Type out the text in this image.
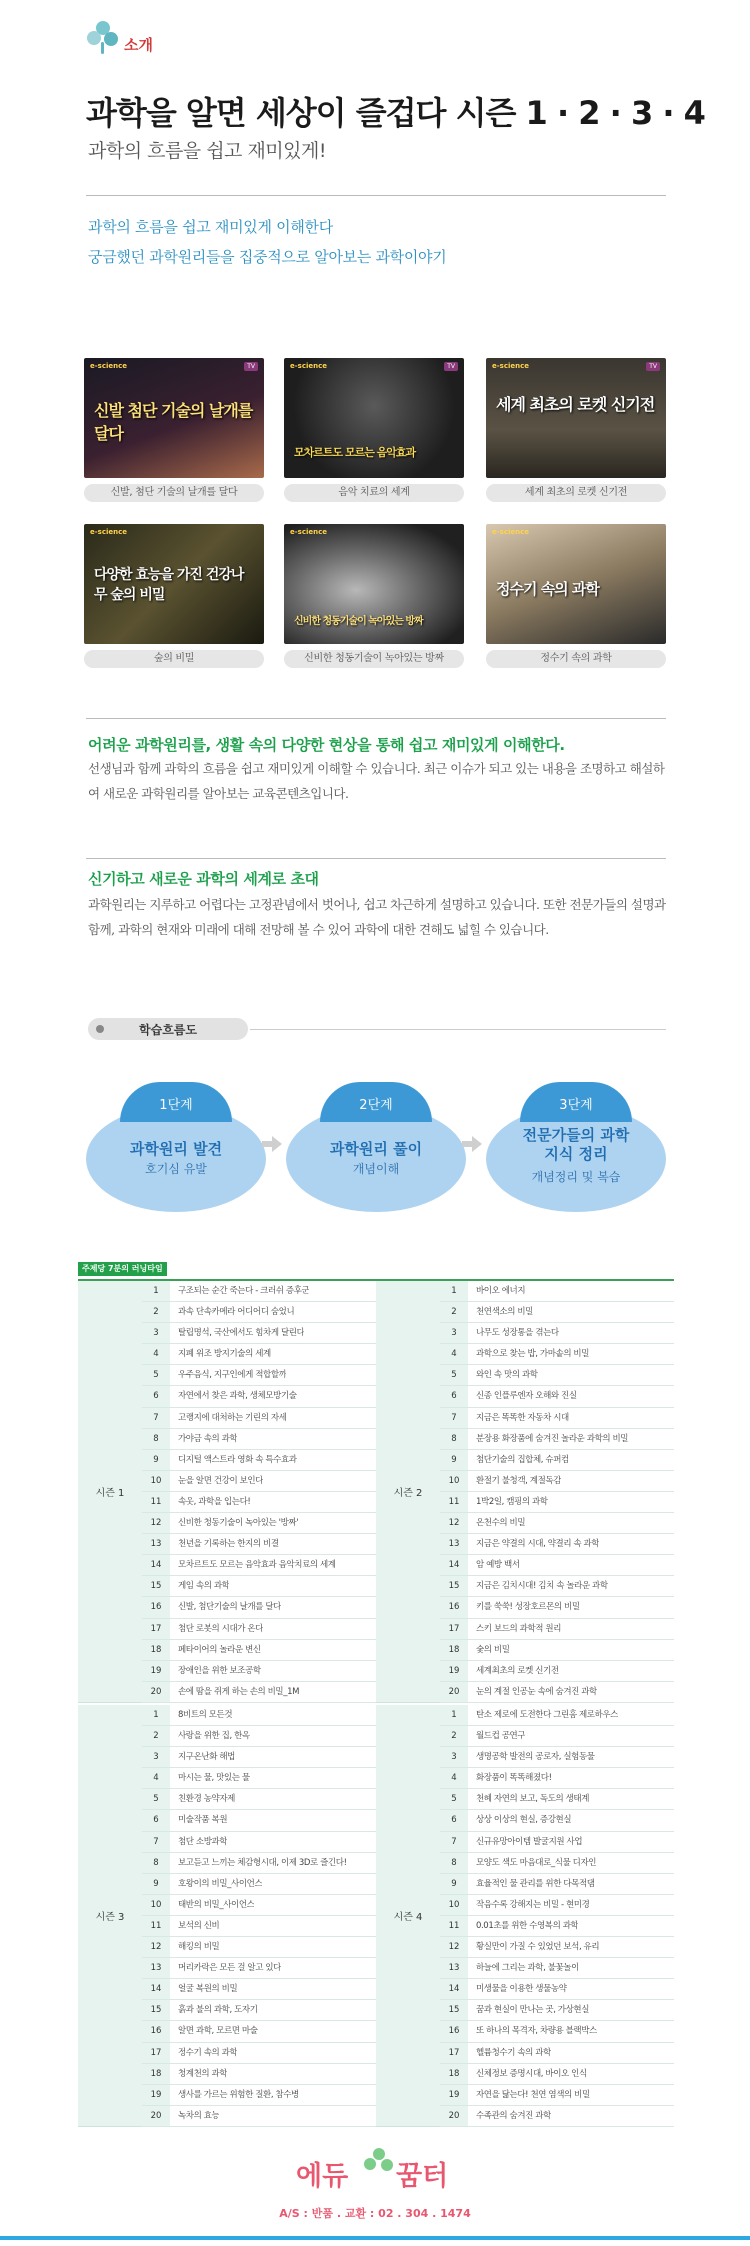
소개
과학을 알면 세상이 즐겁다 시즌 1 · 2 · 3 · 4
과학의 흐름을 쉽고 재미있게!
과학의 흐름을 쉽고 재미있게 이해한다
궁금했던 과학원리들을 집중적으로 알아보는 과학이야기
e-science	TV
신발 첨단 기술의 날개를 달다
신발, 첨단 기술의 날개를 달다
e-science	TV
모차르트도 모르는 음악효과
음악 치료의 세계
e-science	TV
세계 최초의 로켓 신기전
세계 최초의 로켓 신기전
e-science
다양한 효능을 가진 건강나무 숲의 비밀
숲의 비밀
e-science
신비한 청동기술이 녹아있는 방짜
신비한 청동기술이 녹아있는 방짜
e-science
정수기 속의 과학
정수기 속의 과학
어려운 과학원리를, 생활 속의 다양한 현상을 통해 쉽고 재미있게 이해한다.
선생님과 함께 과학의 흐름을 쉽고 재미있게 이해할 수 있습니다. 최근 이슈가 되고 있는 내용을 조명하고 해설하여 새로운 과학원리를 알아보는 교육콘텐츠입니다.
신기하고 새로운 과학의 세계로 초대
과학원리는 지루하고 어렵다는 고정관념에서 벗어나, 쉽고 차근하게 설명하고 있습니다. 또한 전문가들의 설명과 함께, 과학의 현재와 미래에 대해 전망해 볼 수 있어 과학에 대한 견해도 넓힐 수 있습니다.
학습흐름도
과학원리 발견
호기심 유발
1단계
과학원리 풀이
개념이해
2단계
전문가들의 과학지식 정리
개념정리 및 복습
3단계
주제당 7분의 러닝타임
시즌 1
1	구조되는 순간 죽는다 - 크러쉬 증후군
2	과속 단속카메라 어디어디 숨었니
3	탈립명석, 국산에서도 힘차게 달린다
4	지폐 위조 방지기술의 세계
5	우주음식, 지구인에게 적합할까
6	자연에서 찾은 과학, 생체모방기술
7	고랭지에 대처하는 기린의 자세
8	가야금 속의 과학
9	디지털 액스트라 영화 속 특수효과
10	눈을 알면 건강이 보인다
11	속옷, 과학을 입는다!
12	신비한 청동기술이 녹아있는 '방짜'
13	천년을 기록하는 한지의 비결
14	모차르트도 모르는 음악효과 음악치료의 세계
15	게임 속의 과학
16	신발, 첨단기술의 날개를 달다
17	첨단 로봇의 시대가 온다
18	페타이어의 놀라운 변신
19	장애인을 위한 보조공학
20	손에 땀을 쥐게 하는 손의 비밀_1M
시즌 2
1	바이오 에너지
2	천연색소의 비밀
3	나무도 성장통을 겪는다
4	과학으로 찾는 밥, 가마솥의 비밀
5	와인 속 맛의 과학
6	신종 인플루엔자 오해와 진실
7	지금은 똑똑한 자동차 시대
8	분장용 화장품에 숨겨진 놀라운 과학의 비밀
9	첨단기술의 집합체, 슈퍼컴
10	환절기 불청객, 계절독감
11	1박2일, 캠핑의 과학
12	온천수의 비밀
13	지금은 약결의 시대, 약결리 속 과학
14	암 예방 백서
15	지금은 김치시대! 김치 속 놀라운 과학
16	키를 쑥쑥! 성장호르몬의 비밀
17	스키 보드의 과학적 원리
18	숯의 비밀
19	세계최초의 로켓 신기전
20	눈의 계절 인공눈 속에 숨겨진 과학
시즌 3
1	8비트의 모든것
2	사랑을 위한 집, 한옥
3	지구온난화 해법
4	마시는 물, 맛있는 물
5	친환경 농약자제
6	미술작품 복원
7	첨단 소방과학
8	보고듣고 느끼는 체감형시대, 이제 3D로 즐긴다!
9	호왕이의 비밀_사이언스
10	태반의 비밀_사이언스
11	보석의 신비
12	해킹의 비밀
13	머리카락은 모든 걸 알고 있다
14	얼굴 복원의 비밀
15	흙과 불의 과학, 도자기
16	알면 과학, 모르면 마술
17	정수기 속의 과학
18	청계천의 과학
19	생사를 가르는 위험한 질환, 참수병
20	녹차의 효능
시즌 4
1	탄소 제로에 도전한다 그린홈 제로하우스
2	월드컵 공연구
3	생명공학 발전의 공로자, 실험동물
4	화장품이 똑똑해졌다!
5	천혜 자연의 보고, 독도의 생태계
6	상상 이상의 현실, 증강현실
7	신규유망아이템 발굴지원 사업
8	모양도 색도 마음대로_식물 디자인
9	효율적인 물 관리를 위한 다목적댐
10	작음수록 강해지는 비밀 - 현미경
11	0.01초를 위한 수영복의 과학
12	황실만이 가질 수 있었던 보석, 유리
13	하늘에 그리는 과학, 불꽃놀이
14	미생물을 이용한 생물농약
15	꿈과 현실이 만나는 곳, 가상현실
16	또 하나의 목격자, 차량용 블랙박스
17	헬륨청수기 속의 과학
18	신체정보 증명시대, 바이오 인식
19	자연을 닮는다! 천연 염색의 비밀
20	수족관의 숨겨진 과학
에듀 꿈터
A/S : 반품 . 교환 : 02 . 304 . 1474
